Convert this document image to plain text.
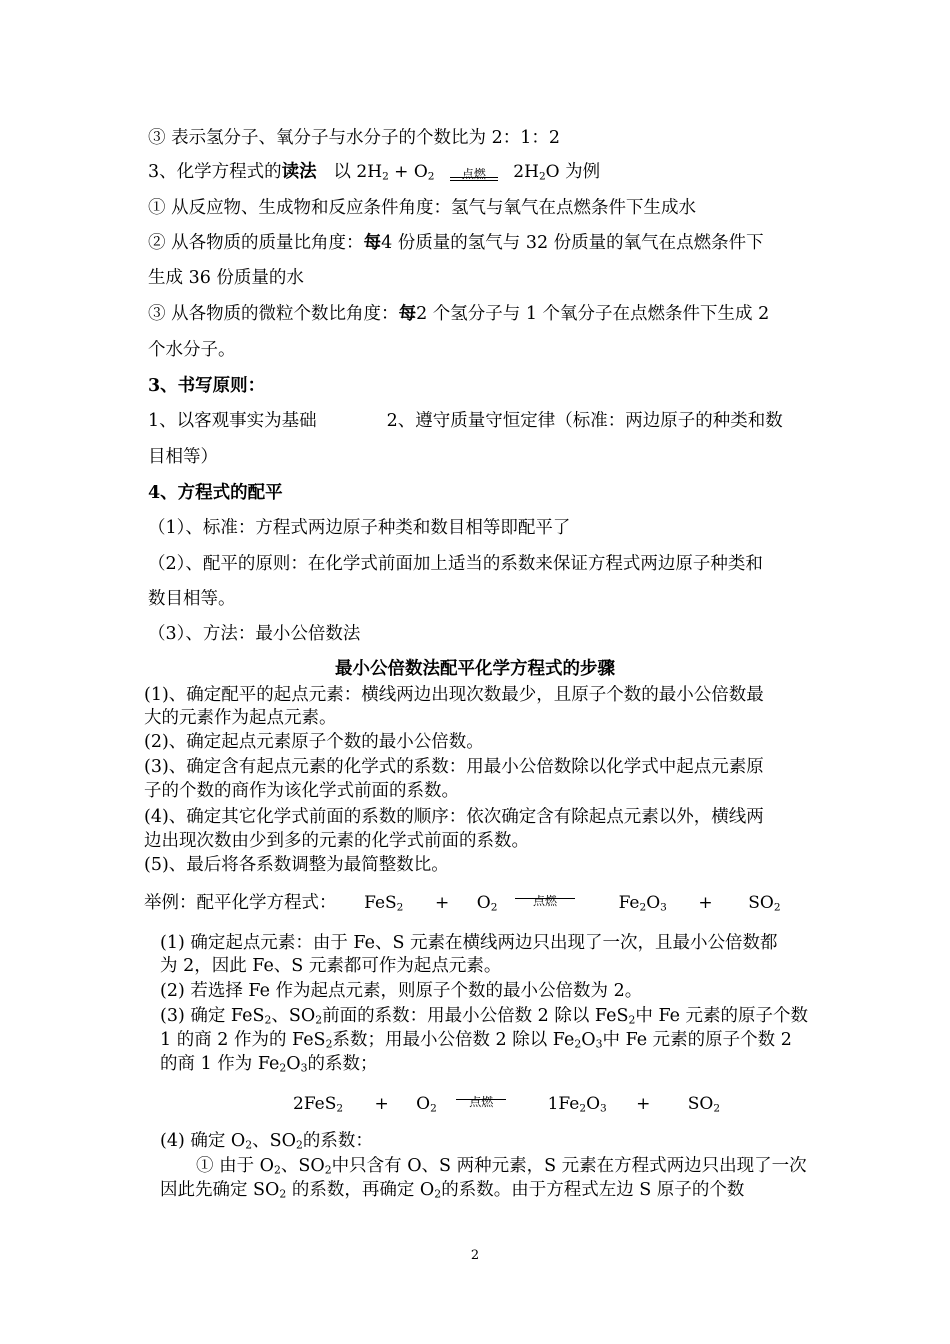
③ 表示氢分子、氧分子与水分子的个数比为 2：1：2
3、化学方程式的读法 以 $2H_2 + O_2$	点燃	$2H_2O$ 为例
① 从反应物、生成物和反应条件角度：氢气与氧气在点燃条件下生成水
② 从各物质的质量比角度：每4 份质量的氢气与 32 份质量的氧气在点燃条件下
生成 36 份质量的水
③ 从各物质的微粒个数比角度：每2 个氢分子与 1 个氧分子在点燃条件下生成 2
个水分子。
3、书写原则：
1、以客观事实为基础	2、遵守质量守恒定律（标准：两边原子的种类和数
目相等）
4、方程式的配平
（1）、标准：方程式两边原子种类和数目相等即配平了
（2）、配平的原则：在化学式前面加上适当的系数来保证方程式两边原子种类和
数目相等。
（3）、方法：最小公倍数法
最小公倍数法配平化学方程式的步骤
(1)、确定配平的起点元素：横线两边出现次数最少，且原子个数的最小公倍数最
大的元素作为起点元素。
(2)、确定起点元素原子个数的最小公倍数。
(3)、确定含有起点元素的化学式的系数：用最小公倍数除以化学式中起点元素原
子的个数的商作为该化学式前面的系数。
(4)、确定其它化学式前面的系数的顺序：依次确定含有除起点元素以外，横线两
边出现次数由少到多的元素的化学式前面的系数。
(5)、最后将各系数调整为最简整数比。
举例：配平化学方程式： $FeS_2 + O_2$
点燃	$Fe_2O_3 + SO_2$
(1) 确定起点元素：由于 Fe、S 元素在横线两边只出现了一次，且最小公倍数都
为 2，因此 Fe、S 元素都可作为起点元素。
(2) 若选择 Fe 作为起点元素，则原子个数的最小公倍数为 2。
(3) 确定 FeS$_2$、$SO_2$前面的系数：用最小公倍数 2 除以 FeS$_2$中 Fe 元素的原子个数
1 的商 2 作为的 FeS$_2$系数；用最小公倍数 2 除以 $Fe_2O_3$中 Fe 元素的原子个数 2
的商 1 作为 $Fe_2O_3$的系数；
$2FeS_2 + O_2$
点燃	$1Fe_2O_3 + SO_2$
(4) 确定 $O_2$、$SO_2$的系数：
① 由于 $O_2$、$SO_2$中只含有 O、S 两种元素，S 元素在方程式两边只出现了一次
因此先确定 $SO_2$ 的系数，再确定 $O_2$的系数。由于方程式左边 S 原子的个数
2
